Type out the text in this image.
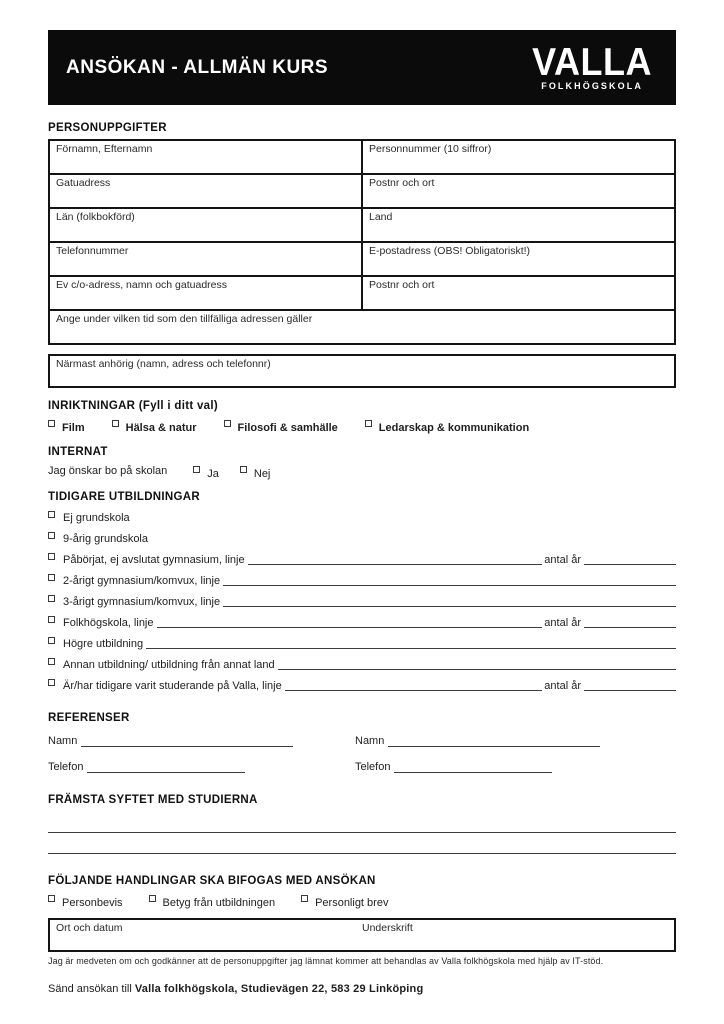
ANSÖKAN - ALLMÄN KURS	VALLA
FOLKHÖGSKOLA
PERSONUPPGIFTER
Förnamn, Efternamn	Personnummer (10 siffror)
Gatuadress	Postnr och ort
Län (folkbokförd)	Land
Telefonnummer	E-postadress (OBS! Obligatoriskt!)
Ev c/o-adress, namn och gatuadress	Postnr och ort
Ange under vilken tid som den tillfälliga adressen gäller	
Närmast anhörig (namn, adress och telefonnr)
INRIKTNINGAR (Fyll i ditt val)
Film	Hälsa & natur	Filosofi & samhälle	Ledarskap & kommunikation
INTERNAT
Jag önskar bo på skolan	Ja	Nej
TIDIGARE UTBILDNINGAR
Ej grundskola
9-årig grundskola
Påbörjat, ej avslutat gymnasium, linje	antal år
2-årigt gymnasium/komvux, linje
3-årigt gymnasium/komvux, linje
Folkhögskola, linje	antal år
Högre utbildning
Annan utbildning/ utbildning från annat land
Är/har tidigare varit studerande på Valla, linje	antal år
REFERENSER
Namn
Telefon
Namn
Telefon
FRÄMSTA SYFTET MED STUDIERNA
FÖLJANDE HANDLINGAR SKA BIFOGAS MED ANSÖKAN
Personbevis	Betyg från utbildningen	Personligt brev
Ort och datum	Underskrift
Jag är medveten om och godkänner att de personuppgifter jag lämnat kommer att behandlas av Valla folkhögskola med hjälp av IT-stöd.
Sänd ansökan till Valla folkhögskola, Studievägen 22, 583 29 Linköping
